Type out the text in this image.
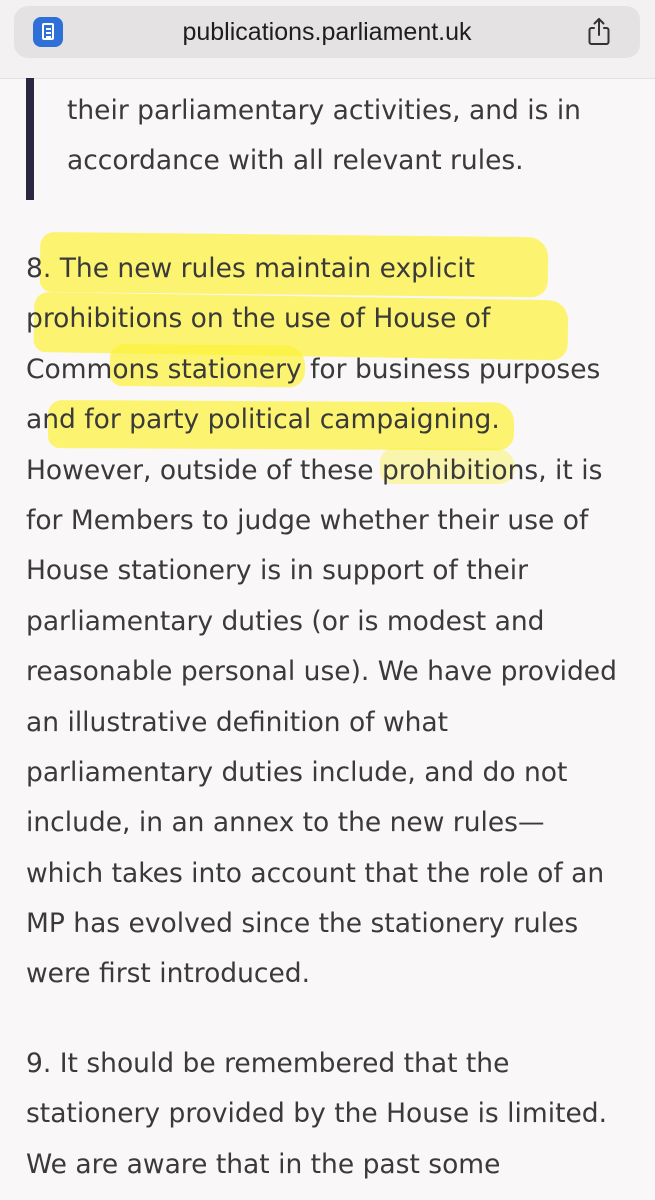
publications.parliament.uk
their parliamentary activities, and is in
accordance with all relevant rules.
8. The new rules maintain explicit
prohibitions on the use of House of
Commons stationery for business purposes
and for party political campaigning.
However, outside of these prohibitions, it is
for Members to judge whether their use of
House stationery is in support of their
parliamentary duties (or is modest and
reasonable personal use). We have provided
an illustrative definition of what
parliamentary duties include, and do not
include, in an annex to the new rules—
which takes into account that the role of an
MP has evolved since the stationery rules
were first introduced.
9. It should be remembered that the
stationery provided by the House is limited.
We are aware that in the past some
